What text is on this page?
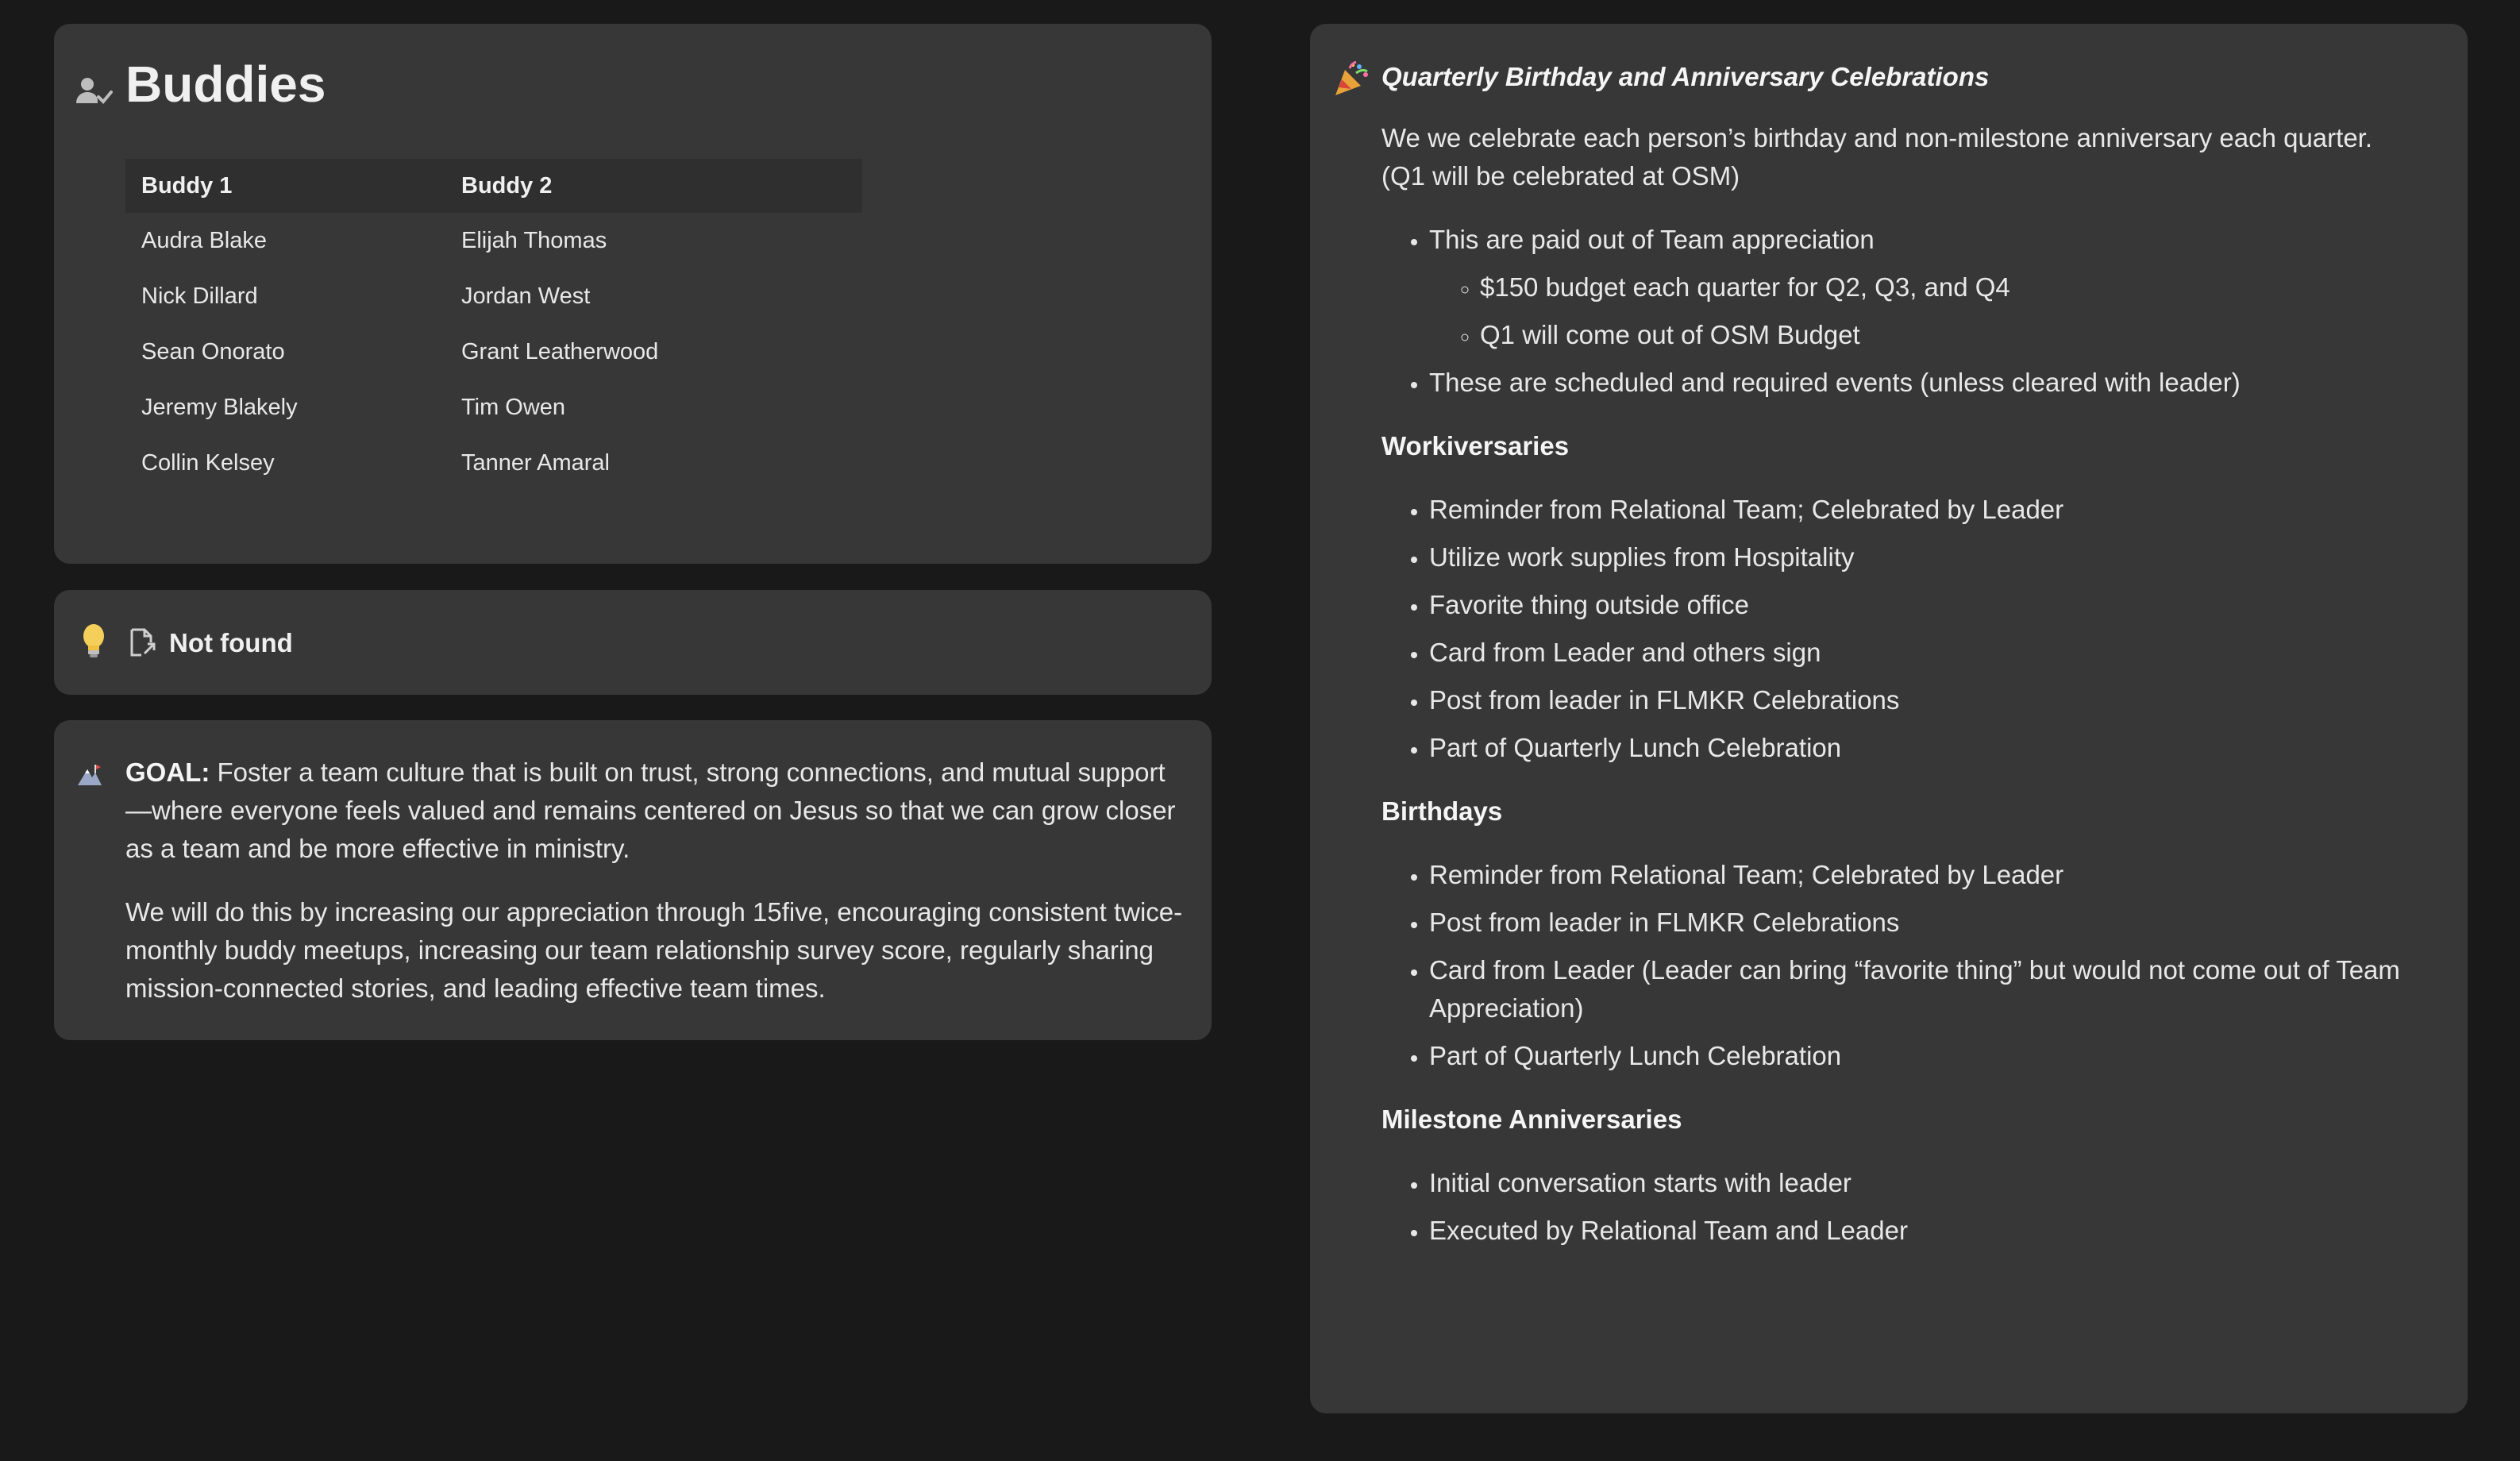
Buddies
Buddy 1	Buddy 2
Audra Blake	Elijah Thomas
Nick Dillard	Jordan West
Sean Onorato	Grant Leatherwood
Jeremy Blakely	Tim Owen
Collin Kelsey	Tanner Amaral
Not found

GOAL: Foster a team culture that is built on trust, strong connections, and mutual support—where everyone feels valued and remains centered on Jesus so that we can grow closer as a team and be more effective in ministry.

We will do this by increasing our appreciation through 15five, encouraging consistent twice-monthly buddy meetups, increasing our team relationship survey score, regularly sharing mission-connected stories, and leading effective team times.

Quarterly Birthday and Anniversary Celebrations

We we celebrate each person’s birthday and non-milestone anniversary each quarter. (Q1 will be celebrated at OSM)

• This are paid out of Team appreciation
◦ $150 budget each quarter for Q2, Q3, and Q4
◦ Q1 will come out of OSM Budget
• These are scheduled and required events (unless cleared with leader)
Workiversaries
• Reminder from Relational Team; Celebrated by Leader
• Utilize work supplies from Hospitality
• Favorite thing outside office
• Card from Leader and others sign
• Post from leader in FLMKR Celebrations
• Part of Quarterly Lunch Celebration
Birthdays
• Reminder from Relational Team; Celebrated by Leader
• Post from leader in FLMKR Celebrations
• Card from Leader (Leader can bring “favorite thing” but would not come out of Team Appreciation)
• Part of Quarterly Lunch Celebration
Milestone Anniversaries
• Initial conversation starts with leader
• Executed by Relational Team and Leader
